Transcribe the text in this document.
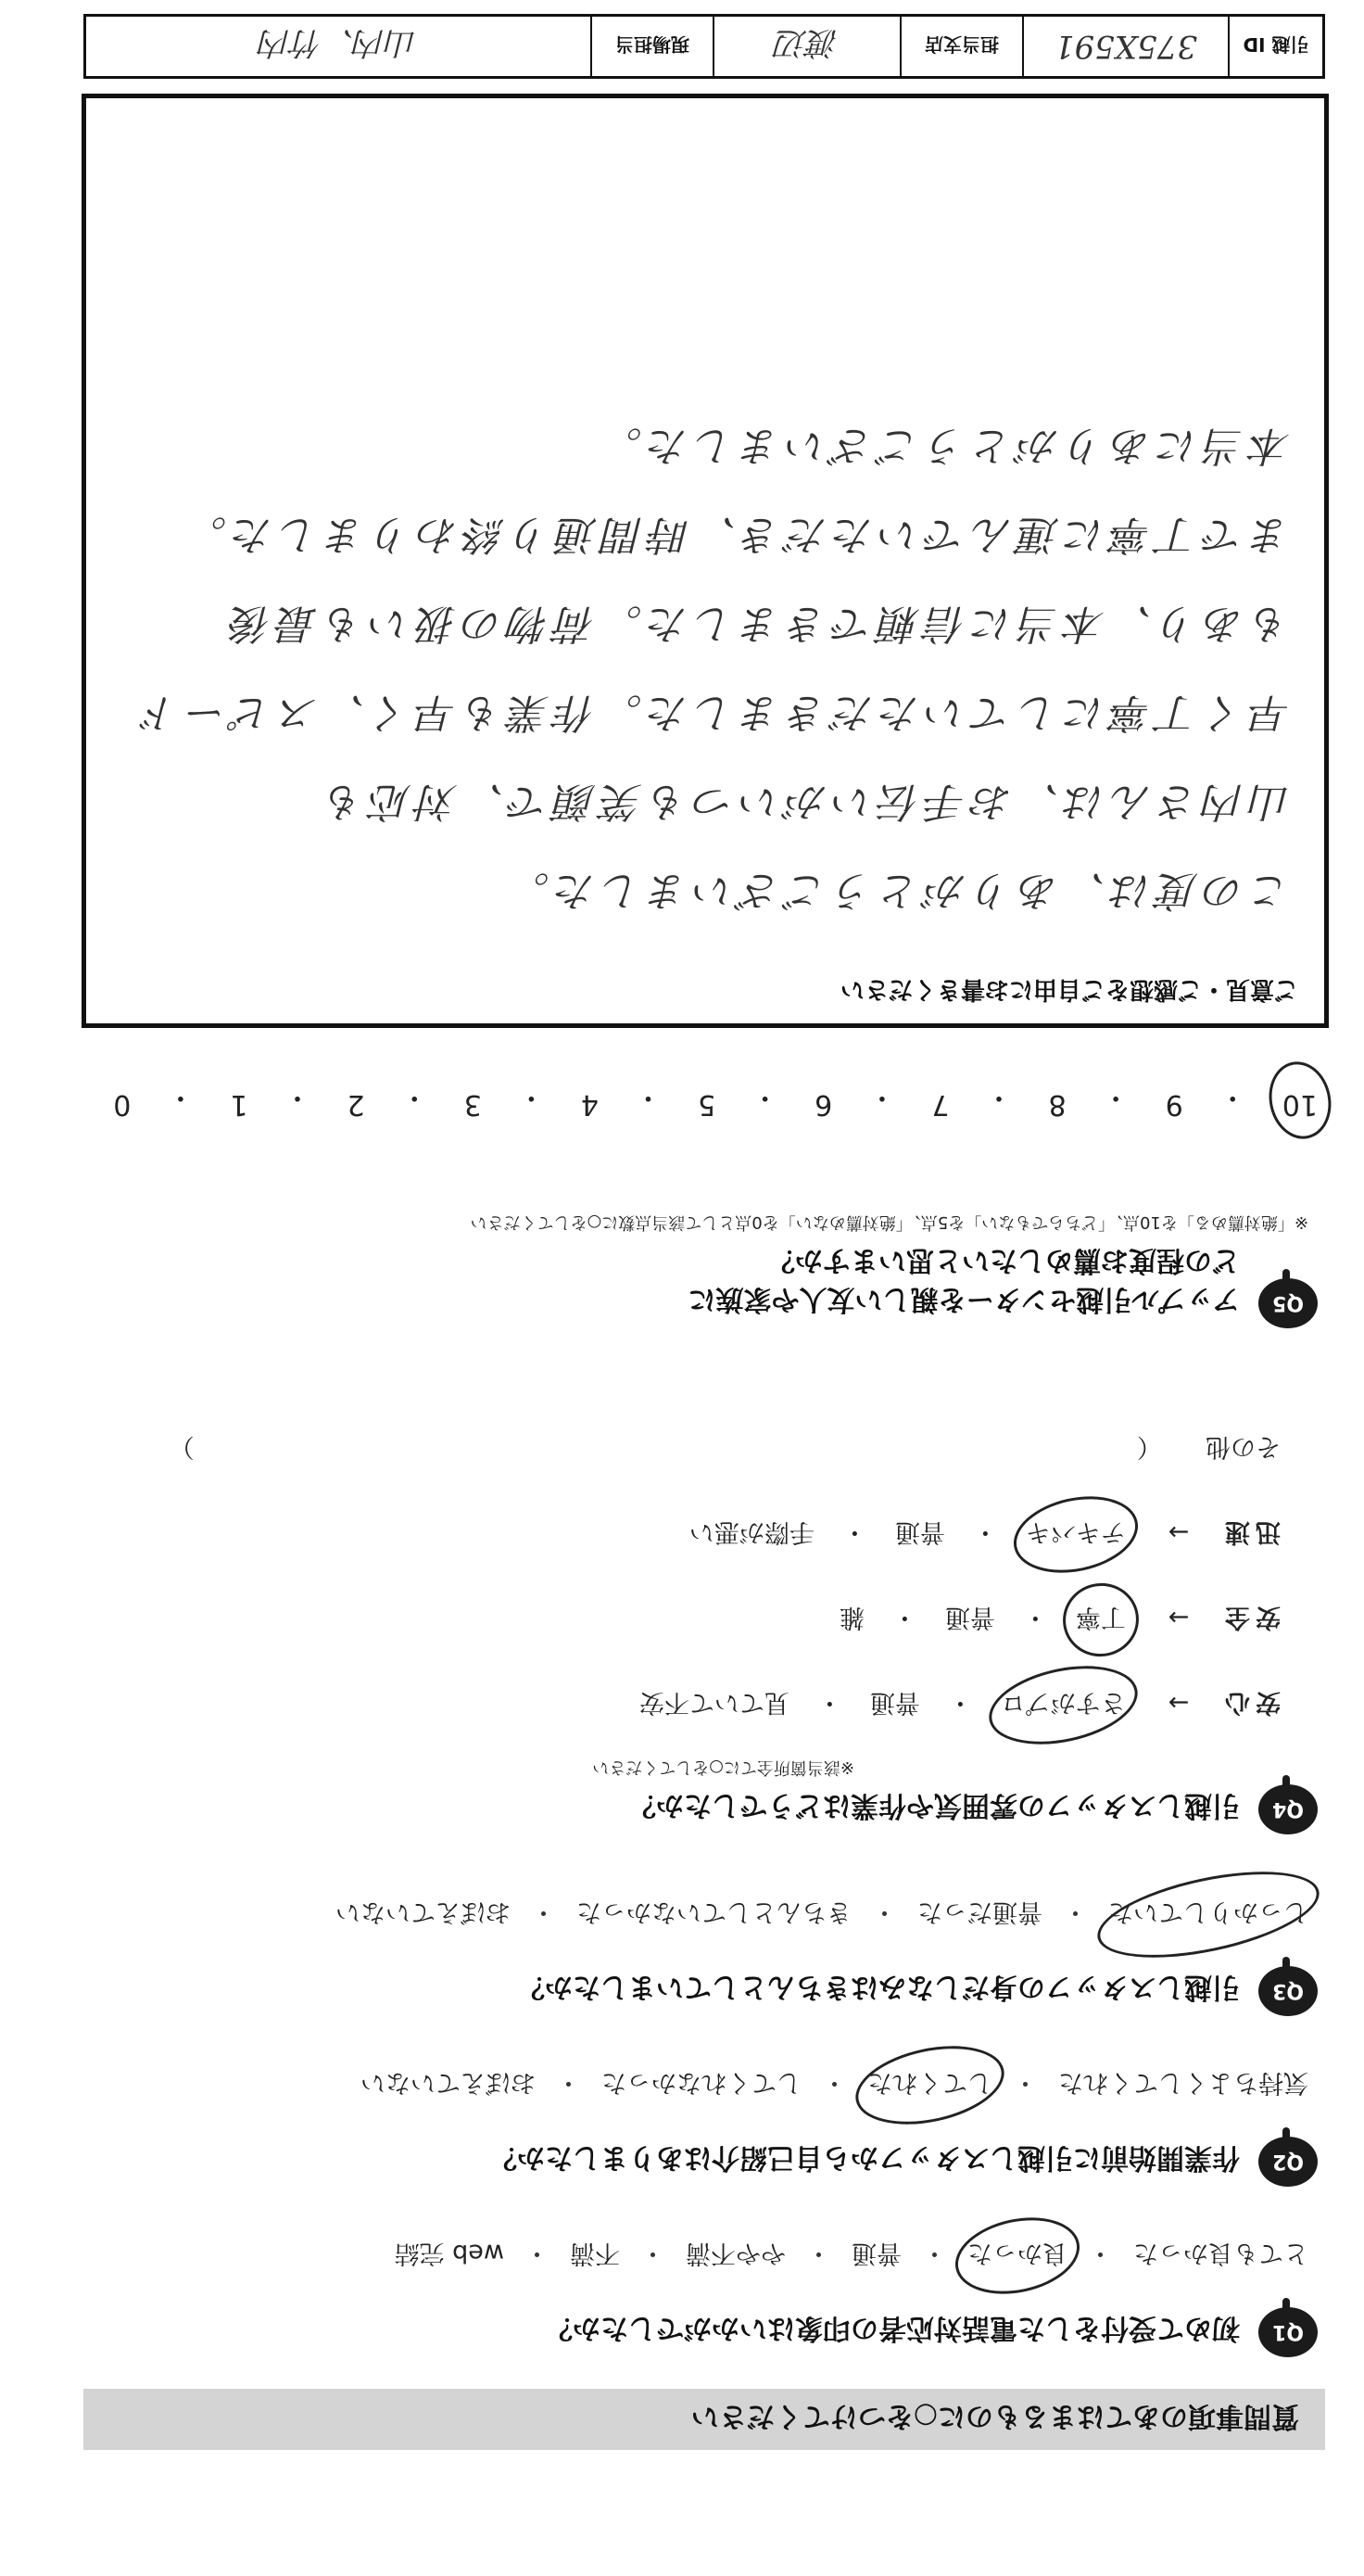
質問事項のあてはまるものに○をつけてください
Q1
初めて受付をした電話対応者の印象はいかがでしたか？
とても良かった
・
良かった
・
普通
・
やや不満
・
不満
・
web 完結
Q2
作業開始前に引越しスタッフから自己紹介はありましたか？
気持ちよくしてくれた
・
してくれた
・
してくれなかった
・
おぼえていない
Q3
引越しスタッフの身だしなみはきちんとしていましたか？
しっかりしていた
・
普通だった
・
きちんとしていなかった
・
おぼえていない
Q4
引越しスタッフの雰囲気や作業はどうでしたか？
※該当箇所全てに○をしてください
安心 →
さすがプロ
・
普通
・
見ていて不安
安全 →
丁寧
・
普通
・
雑
迅速 →
テキパキ
・
普通
・
手際が悪い
その他  （  ）
Q5
アップル引越センターを親しい友人や家族に
どの程度お薦めしたいと思いますか？
※「絶対薦める」を10点、「どちらでもない」を5点、「絶対薦めない」を0点として該当点数に○をしてください
10
・
9
・
8
・
7
・
6
・
5
・
4
・
3
・
2
・
1
・
0
ご意見・ご感想をご自由にお書きください
この度は、ありがとうございました。
山内さんは、お手伝いがいつも笑顔で、対応も
早く丁寧にしていただきました。作業も早く、スピード
もあり、本当に信頼できました。荷物の扱いも最後
まで丁寧に運んでいただき、時間通り終わりました。
本当にありがとうございました。
引越 ID
375X591
担当支店
渡辺
現場担当
山内、竹内
